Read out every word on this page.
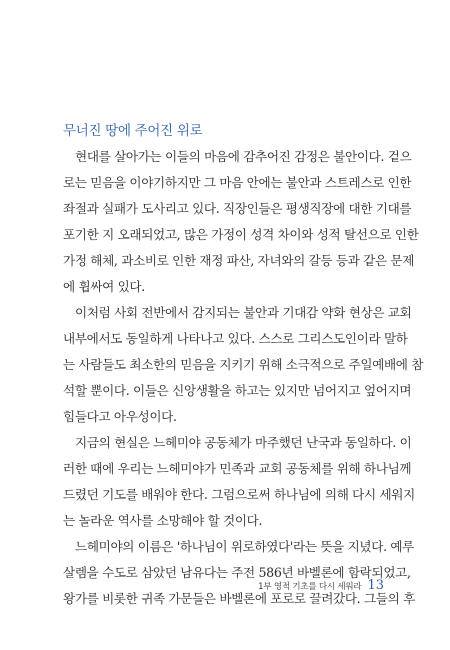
무너진 땅에 주어진 위로
현대를 살아가는 이들의 마음에 감추어진 감정은 불안이다. 겉으
로는 믿음을 이야기하지만 그 마음 안에는 불안과 스트레스로 인한
좌절과 실패가 도사리고 있다. 직장인들은 평생직장에 대한 기대를
포기한 지 오래되었고, 많은 가정이 성격 차이와 성적 탈선으로 인한
가정 해체, 과소비로 인한 재정 파산, 자녀와의 갈등 등과 같은 문제
에 휩싸여 있다.
이처럼 사회 전반에서 감지되는 불안과 기대감 약화 현상은 교회
내부에서도 동일하게 나타나고 있다. 스스로 그리스도인이라 말하
는 사람들도 최소한의 믿음을 지키기 위해 소극적으로 주일예배에 참
석할 뿐이다. 이들은 신앙생활을 하고는 있지만 넘어지고 엎어지며
힘들다고 아우성이다.
지금의 현실은 느헤미야 공동체가 마주했던 난국과 동일하다. 이
러한 때에 우리는 느헤미야가 민족과 교회 공동체를 위해 하나님께
드렸던 기도를 배워야 한다. 그럼으로써 하나님에 의해 다시 세워지
는 놀라운 역사를 소망해야 할 것이다.
느헤미야의 이름은 '하나님이 위로하였다'라는 뜻을 지녔다. 예루
살렘을 수도로 삼았던 남유다는 주전 586년 바벨론에 함락되었고,
왕가를 비롯한 귀족 가문들은 바벨론에 포로로 끌려갔다. 그들의 후
1부 영적 기초를 다시 세워라 13
